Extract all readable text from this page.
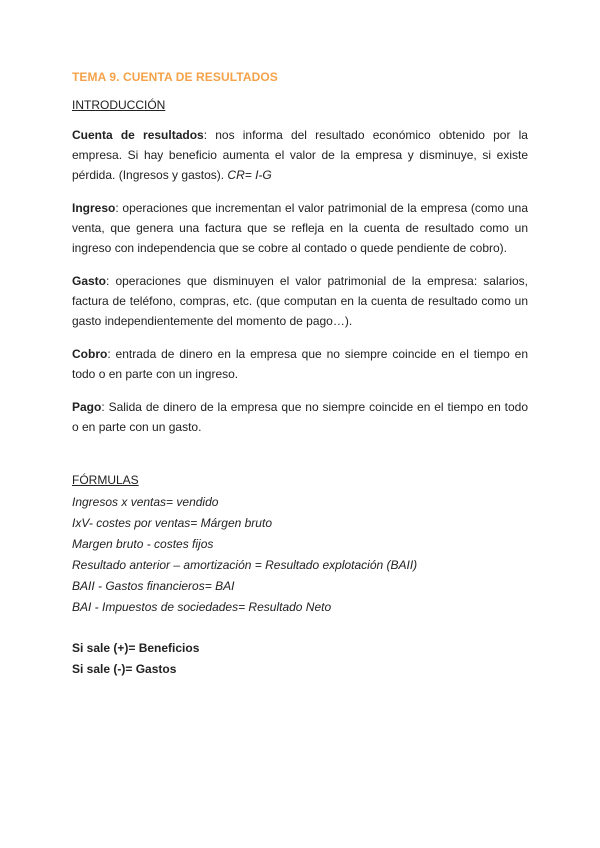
TEMA 9. CUENTA DE RESULTADOS
INTRODUCCIÓN

Cuenta de resultados: nos informa del resultado económico obtenido por la empresa. Si hay beneficio aumenta el valor de la empresa y disminuye, si existe pérdida. (Ingresos y gastos). CR= I-G

Ingreso: operaciones que incrementan el valor patrimonial de la empresa (como una venta, que genera una factura que se refleja en la cuenta de resultado como un ingreso con independencia que se cobre al contado o quede pendiente de cobro).

Gasto: operaciones que disminuyen el valor patrimonial de la empresa: salarios, factura de teléfono, compras, etc. (que computan en la cuenta de resultado como un gasto independientemente del momento de pago…).

Cobro: entrada de dinero en la empresa que no siempre coincide en el tiempo en todo o en parte con un ingreso.

Pago: Salida de dinero de la empresa que no siempre coincide en el tiempo en todo o en parte con un gasto.

FÓRMULAS
Ingresos x ventas= vendido
IxV- costes por ventas= Márgen bruto
Margen bruto - costes fijos
Resultado anterior – amortización = Resultado explotación (BAII)
BAII - Gastos financieros= BAI
BAI - Impuestos de sociedades= Resultado Neto
Si sale (+)= Beneficios
Si sale (-)= Gastos
